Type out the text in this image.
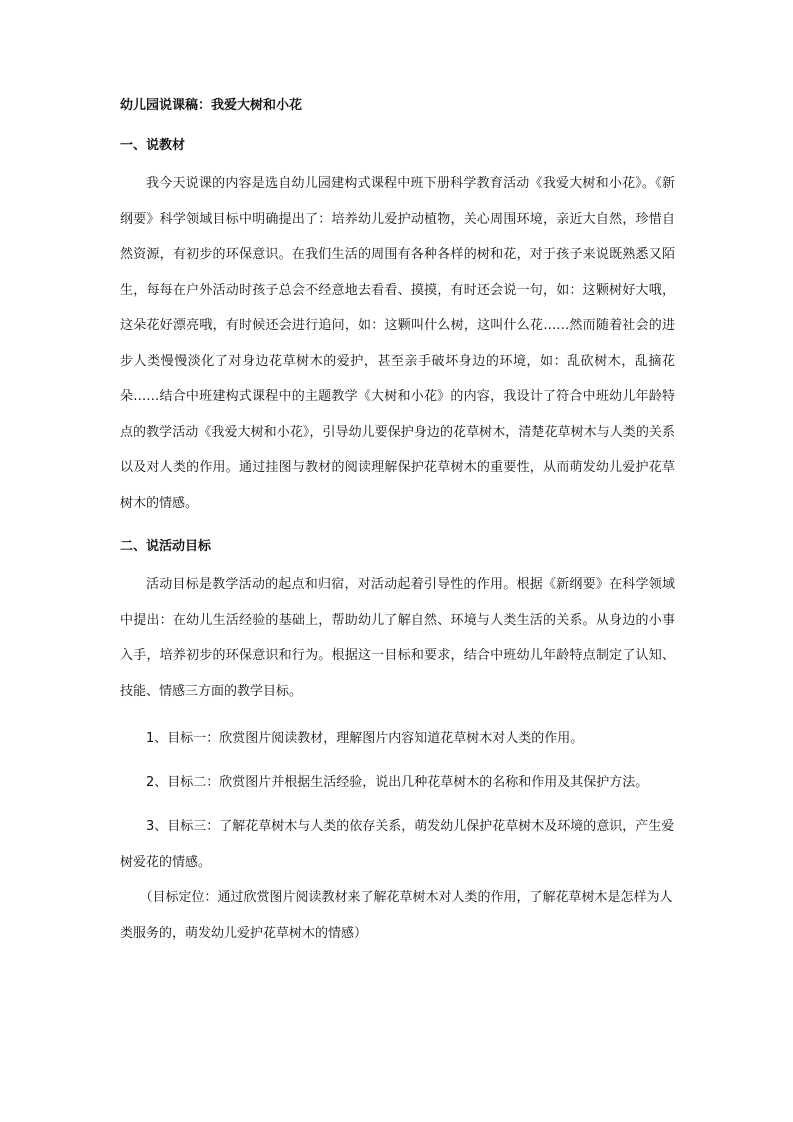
幼儿园说课稿：我爱大树和小花
一、说教材

我今天说课的内容是选自幼儿园建构式课程中班下册科学教育活动《我爱大树和小花》。《新纲要》科学领域目标中明确提出了：培养幼儿爱护动植物，关心周围环境，亲近大自然，珍惜自然资源，有初步的环保意识。在我们生活的周围有各种各样的树和花，对于孩子来说既熟悉又陌生，每每在户外活动时孩子总会不经意地去看看、摸摸，有时还会说一句，如：这颗树好大哦，这朵花好漂亮哦，有时候还会进行追问，如：这颗叫什么树，这叫什么花……然而随着社会的进步人类慢慢淡化了对身边花草树木的爱护，甚至亲手破坏身边的环境，如：乱砍树木，乱摘花朵……结合中班建构式课程中的主题教学《大树和小花》的内容，我设计了符合中班幼儿年龄特点的教学活动《我爱大树和小花》，引导幼儿要保护身边的花草树木，清楚花草树木与人类的关系以及对人类的作用。通过挂图与教材的阅读理解保护花草树木的重要性，从而萌发幼儿爱护花草树木的情感。

二、说活动目标

活动目标是教学活动的起点和归宿，对活动起着引导性的作用。根据《新纲要》在科学领域中提出：在幼儿生活经验的基础上，帮助幼儿了解自然、环境与人类生活的关系。从身边的小事入手，培养初步的环保意识和行为。根据这一目标和要求，结合中班幼儿年龄特点制定了认知、技能、情感三方面的教学目标。

1、目标一：欣赏图片阅读教材，理解图片内容知道花草树木对人类的作用。
2、目标二：欣赏图片并根据生活经验，说出几种花草树木的名称和作用及其保护方法。
3、目标三：了解花草树木与人类的依存关系，萌发幼儿保护花草树木及环境的意识，产生爱树爱花的情感。

（目标定位：通过欣赏图片阅读教材来了解花草树木对人类的作用，了解花草树木是怎样为人类服务的，萌发幼儿爱护花草树木的情感）
